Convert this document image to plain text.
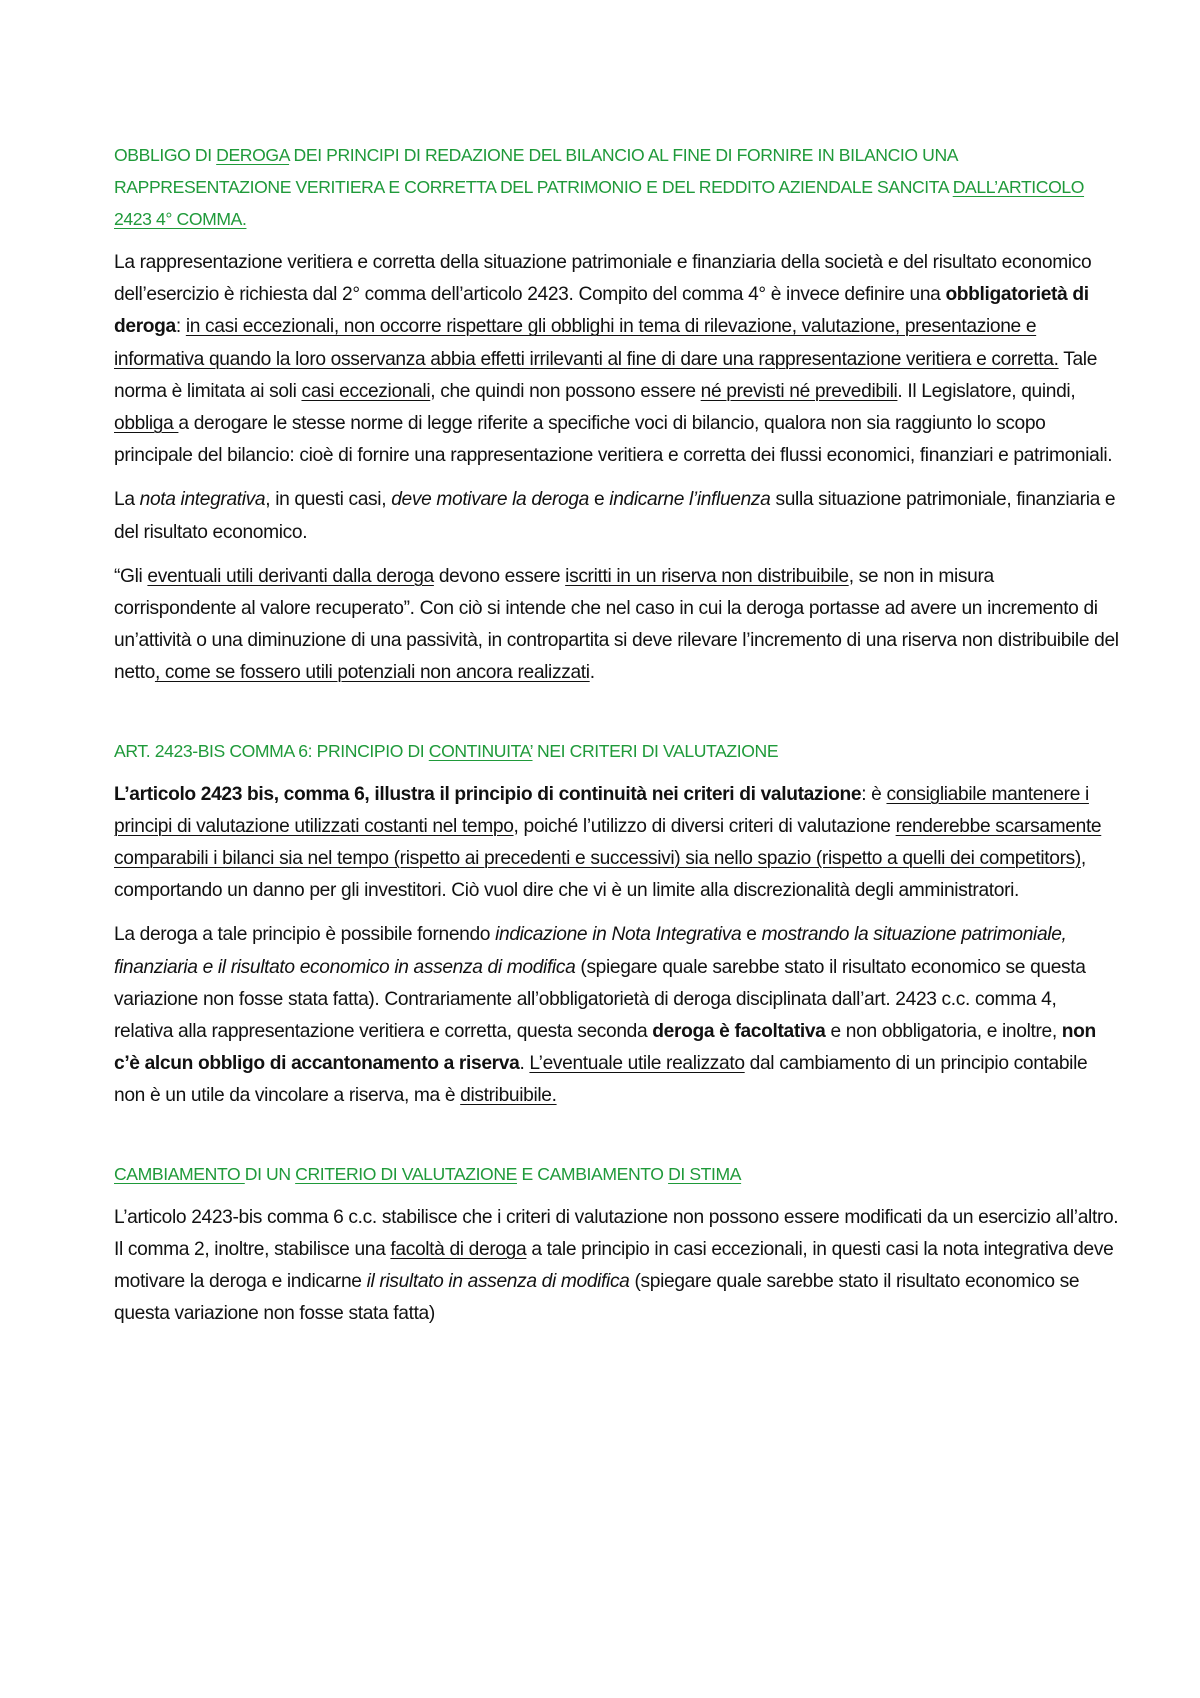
OBBLIGO DI DEROGA DEI PRINCIPI DI REDAZIONE DEL BILANCIO AL FINE DI FORNIRE IN BILANCIO UNA RAPPRESENTAZIONE VERITIERA E CORRETTA DEL PATRIMONIO E DEL REDDITO AZIENDALE SANCITA DALL’ARTICOLO 2423 4° COMMA.
La rappresentazione veritiera e corretta della situazione patrimoniale e finanziaria della società e del risultato economico dell’esercizio è richiesta dal 2° comma dell’articolo 2423. Compito del comma 4° è invece definire una obbligatorietà di deroga: in casi eccezionali, non occorre rispettare gli obblighi in tema di rilevazione, valutazione, presentazione e informativa quando la loro osservanza abbia effetti irrilevanti al fine di dare una rappresentazione veritiera e corretta. Tale norma è limitata ai soli casi eccezionali, che quindi non possono essere né previsti né prevedibili. Il Legislatore, quindi, obbliga a derogare le stesse norme di legge riferite a specifiche voci di bilancio, qualora non sia raggiunto lo scopo principale del bilancio: cioè di fornire una rappresentazione veritiera e corretta dei flussi economici, finanziari e patrimoniali.
La nota integrativa, in questi casi, deve motivare la deroga e indicarne l’influenza sulla situazione patrimoniale, finanziaria e del risultato economico.
“Gli eventuali utili derivanti dalla deroga devono essere iscritti in un riserva non distribuibile, se non in misura corrispondente al valore recuperato”. Con ciò si intende che nel caso in cui la deroga portasse ad avere un incremento di un’attività o una diminuzione di una passività, in contropartita si deve rilevare l’incremento di una riserva non distribuibile del netto, come se fossero utili potenziali non ancora realizzati.
ART. 2423-BIS COMMA 6: PRINCIPIO DI CONTINUITA’ NEI CRITERI DI VALUTAZIONE
L’articolo 2423 bis, comma 6, illustra il principio di continuità nei criteri di valutazione: è consigliabile mantenere i principi di valutazione utilizzati costanti nel tempo, poiché l’utilizzo di diversi criteri di valutazione renderebbe scarsamente comparabili i bilanci sia nel tempo (rispetto ai precedenti e successivi) sia nello spazio (rispetto a quelli dei competitors), comportando un danno per gli investitori. Ciò vuol dire che vi è un limite alla discrezionalità degli amministratori.
La deroga a tale principio è possibile fornendo indicazione in Nota Integrativa e mostrando la situazione patrimoniale, finanziaria e il risultato economico in assenza di modifica (spiegare quale sarebbe stato il risultato economico se questa variazione non fosse stata fatta). Contrariamente all’obbligatorietà di deroga disciplinata dall’art. 2423 c.c. comma 4, relativa alla rappresentazione veritiera e corretta, questa seconda deroga è facoltativa e non obbligatoria, e inoltre, non c’è alcun obbligo di accantonamento a riserva. L’eventuale utile realizzato dal cambiamento di un principio contabile non è un utile da vincolare a riserva, ma è distribuibile.
CAMBIAMENTO DI UN CRITERIO DI VALUTAZIONE E CAMBIAMENTO DI STIMA
L’articolo 2423-bis comma 6 c.c. stabilisce che i criteri di valutazione non possono essere modificati da un esercizio all’altro. Il comma 2, inoltre, stabilisce una facoltà di deroga a tale principio in casi eccezionali, in questi casi la nota integrativa deve motivare la deroga e indicarne il risultato in assenza di modifica (spiegare quale sarebbe stato il risultato economico se questa variazione non fosse stata fatta)
